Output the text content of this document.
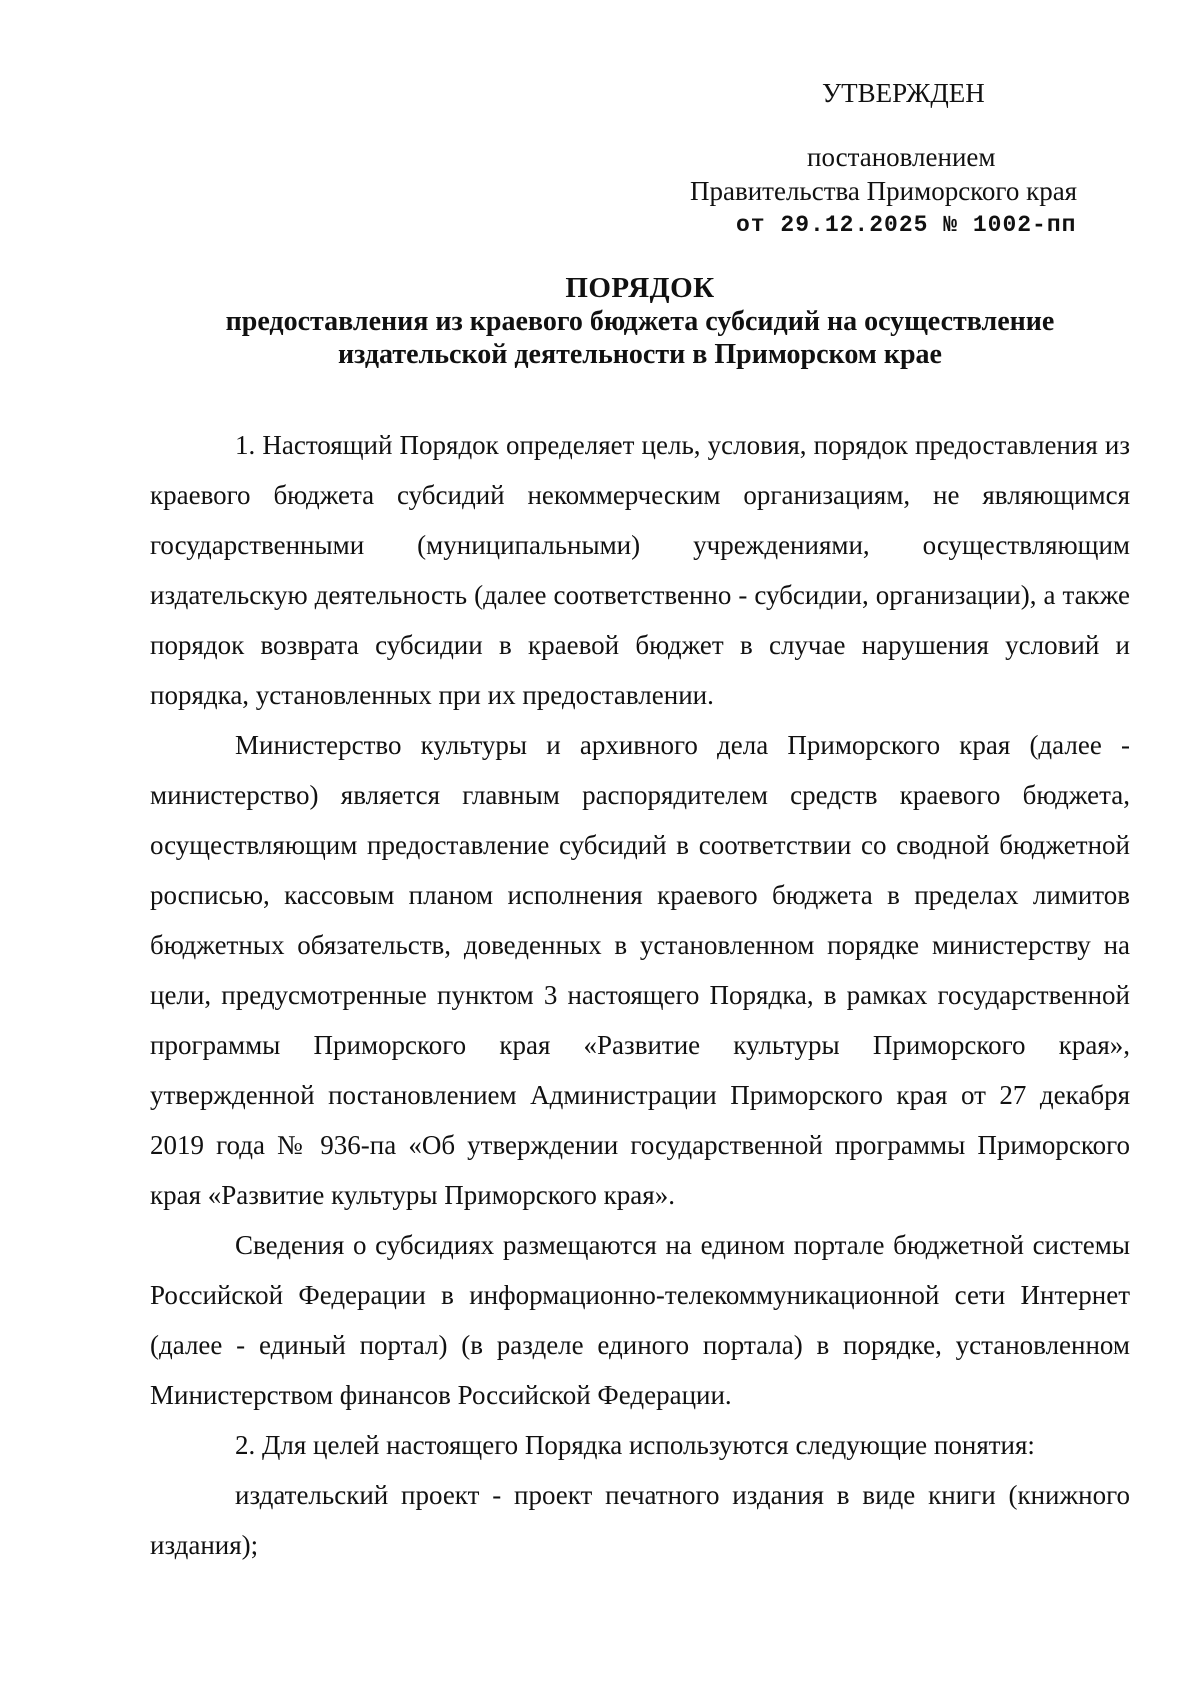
УТВЕРЖДЕН
постановлением
Правительства Приморского края
от 29.12.2025 № 1002-пп
ПОРЯДОК
предоставления из краевого бюджета субсидий на осуществление
издательской деятельности в Приморском крае

1. Настоящий Порядок определяет цель, условия, порядок предоставления из краевого бюджета субсидий некоммерческим организациям, не являющимся государственными (муниципальными) учреждениями, осуществляющим издательскую деятельность (далее соответственно - субсидии, организации), а также порядок возврата субсидии в краевой бюджет в случае нарушения условий и порядка, установленных при их предоставлении.

Министерство культуры и архивного дела Приморского края (далее - министерство) является главным распорядителем средств краевого бюджета, осуществляющим предоставление субсидий в соответствии со сводной бюджетной росписью, кассовым планом исполнения краевого бюджета в пределах лимитов бюджетных обязательств, доведенных в установленном порядке министерству на цели, предусмотренные пунктом 3 настоящего Порядка, в рамках государственной программы Приморского края «Развитие культуры Приморского края», утвержденной постановлением Администрации Приморского края от 27 декабря 2019 года № 936-па «Об утверждении государственной программы Приморского края «Развитие культуры Приморского края».

Сведения о субсидиях размещаются на едином портале бюджетной системы Российской Федерации в информационно-телекоммуникационной сети Интернет (далее - единый портал) (в разделе единого портала) в порядке, установленном Министерством финансов Российской Федерации.

2. Для целей настоящего Порядка используются следующие понятия:

издательский проект - проект печатного издания в виде книги (книжного издания);
